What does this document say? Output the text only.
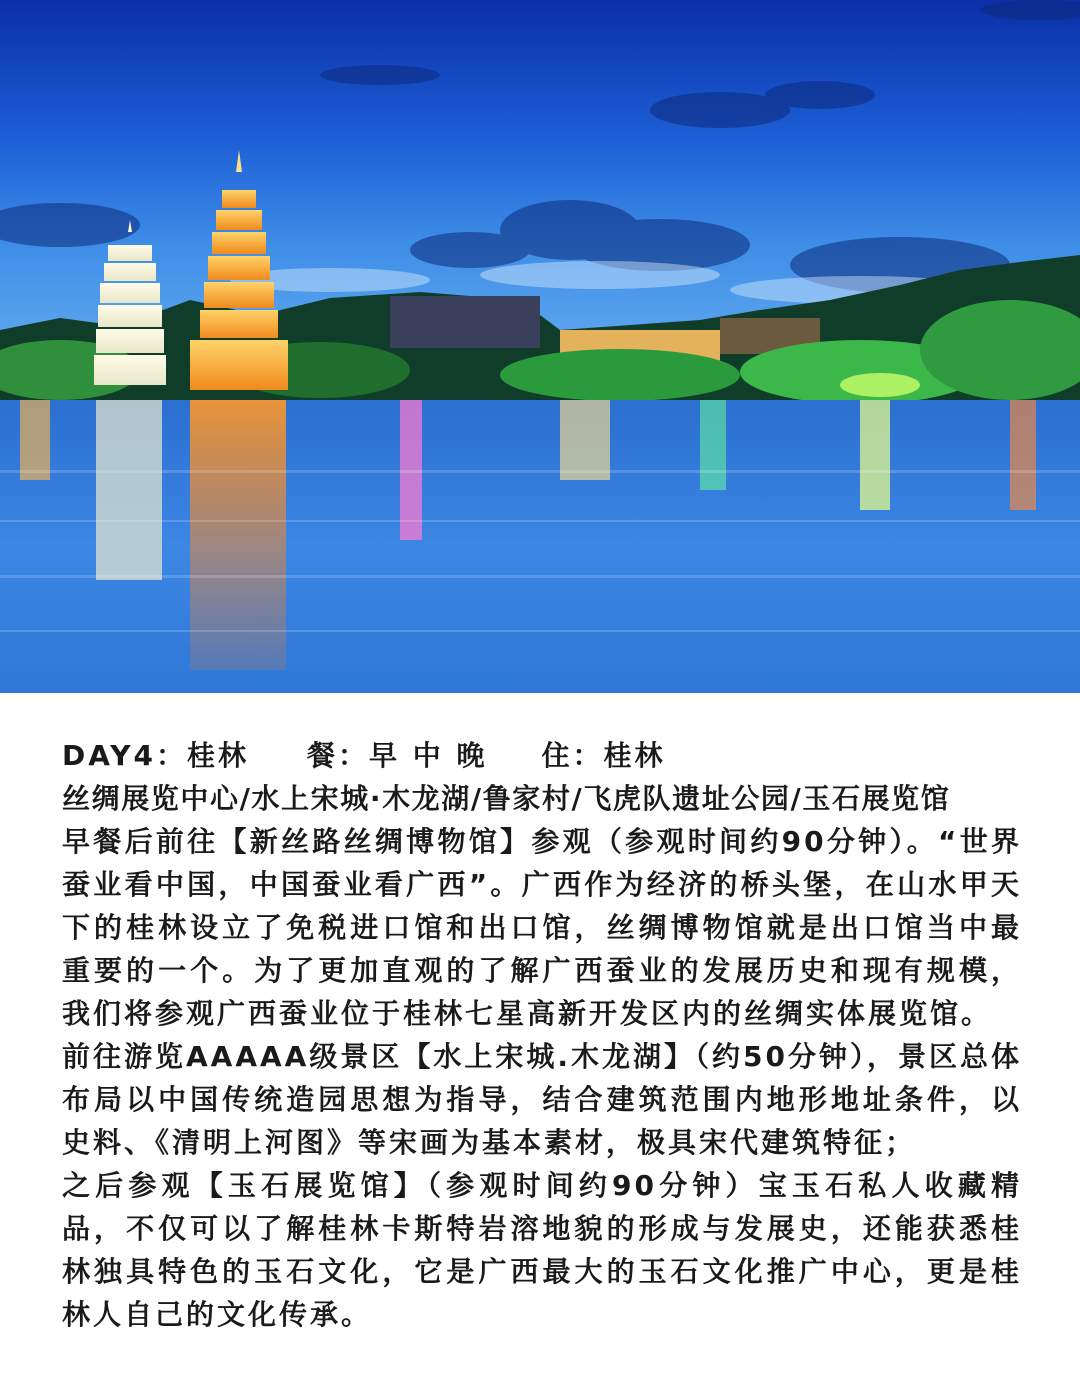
DAY4：桂林 餐：早 中 晚 住：桂林

丝绸展览中心/水上宋城·木龙湖/鲁家村/飞虎队遗址公园/玉石展览馆

早餐后前往【新丝路丝绸博物馆】参观（参观时间约90分钟）。“世界蚕业看中国，中国蚕业看广西”。广西作为经济的桥头堡，在山水甲天下的桂林设立了免税进口馆和出口馆，丝绸博物馆就是出口馆当中最重要的一个。为了更加直观的了解广西蚕业的发展历史和现有规模，我们将参观广西蚕业位于桂林七星高新开发区内的丝绸实体展览馆。

前往游览AAAAA级景区【水上宋城.木龙湖】（约50分钟），景区总体布局以中国传统造园思想为指导，结合建筑范围内地形地址条件，以史料、《清明上河图》等宋画为基本素材，极具宋代建筑特征；

之后参观【玉石展览馆】（参观时间约90分钟）宝玉石私人收藏精品，不仅可以了解桂林卡斯特岩溶地貌的形成与发展史，还能获悉桂林独具特色的玉石文化，它是广西最大的玉石文化推广中心，更是桂林人自己的文化传承。
